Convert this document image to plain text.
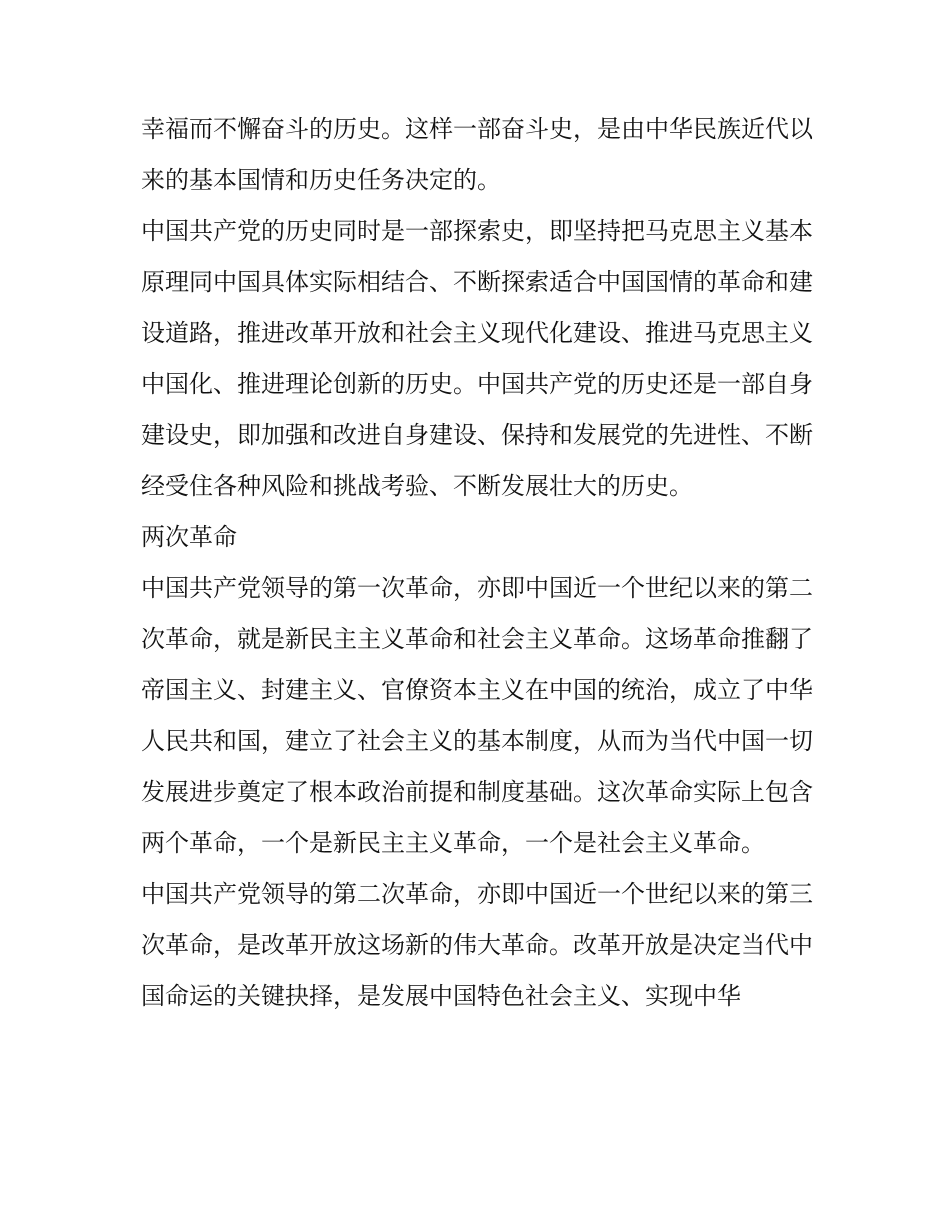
幸福而不懈奋斗的历史。这样一部奋斗史，是由中华民族近代以来的基本国情和历史任务决定的。

中国共产党的历史同时是一部探索史，即坚持把马克思主义基本原理同中国具体实际相结合、不断探索适合中国国情的革命和建设道路，推进改革开放和社会主义现代化建设、推进马克思主义中国化、推进理论创新的历史。中国共产党的历史还是一部自身建设史，即加强和改进自身建设、保持和发展党的先进性、不断经受住各种风险和挑战考验、不断发展壮大的历史。

两次革命

中国共产党领导的第一次革命，亦即中国近一个世纪以来的第二次革命，就是新民主主义革命和社会主义革命。这场革命推翻了帝国主义、封建主义、官僚资本主义在中国的统治，成立了中华人民共和国，建立了社会主义的基本制度，从而为当代中国一切发展进步奠定了根本政治前提和制度基础。这次革命实际上包含两个革命，一个是新民主主义革命，一个是社会主义革命。

中国共产党领导的第二次革命，亦即中国近一个世纪以来的第三次革命，是改革开放这场新的伟大革命。改革开放是决定当代中国命运的关键抉择，是发展中国特色社会主义、实现中华
